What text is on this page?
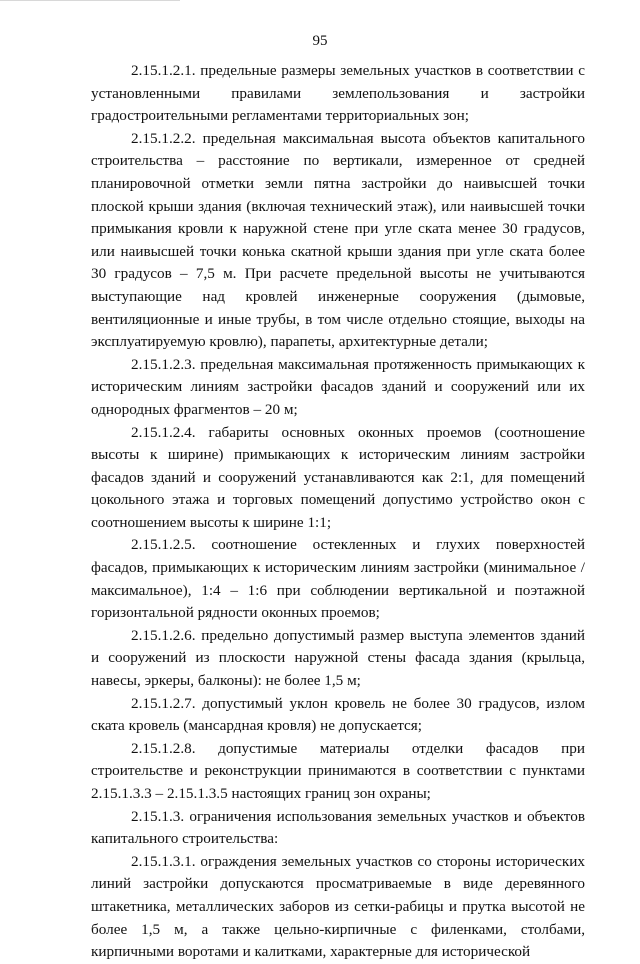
95

2.15.1.2.1. предельные размеры земельных участков в соответствии с установленными правилами землепользования и застройки градостроительными регламентами территориальных зон;

2.15.1.2.2. предельная максимальная высота объектов капитального строительства – расстояние по вертикали, измеренное от средней планировочной отметки земли пятна застройки до наивысшей точки плоской крыши здания (включая технический этаж), или наивысшей точки примыкания кровли к наружной стене при угле ската менее 30 градусов, или наивысшей точки конька скатной крыши здания при угле ската более 30 градусов – 7,5 м. При расчете предельной высоты не учитываются выступающие над кровлей инженерные сооружения (дымовые, вентиляционные и иные трубы, в том числе отдельно стоящие, выходы на эксплуатируемую кровлю), парапеты, архитектурные детали;

2.15.1.2.3. предельная максимальная протяженность примыкающих к историческим линиям застройки фасадов зданий и сооружений или их однородных фрагментов – 20 м;

2.15.1.2.4. габариты основных оконных проемов (соотношение высоты к ширине) примыкающих к историческим линиям застройки фасадов зданий и сооружений устанавливаются как 2:1, для помещений цокольного этажа и торговых помещений допустимо устройство окон с соотношением высоты к ширине 1:1;

2.15.1.2.5. соотношение остекленных и глухих поверхностей фасадов, примыкающих к историческим линиям застройки (минимальное / максимальное), 1:4 – 1:6 при соблюдении вертикальной и поэтажной горизонтальной рядности оконных проемов;

2.15.1.2.6. предельно допустимый размер выступа элементов зданий и сооружений из плоскости наружной стены фасада здания (крыльца, навесы, эркеры, балконы): не более 1,5 м;

2.15.1.2.7. допустимый уклон кровель не более 30 градусов, излом ската кровель (мансардная кровля) не допускается;

2.15.1.2.8. допустимые материалы отделки фасадов при строительстве и реконструкции принимаются в соответствии с пунктами 2.15.1.3.3 – 2.15.1.3.5 настоящих границ зон охраны;

2.15.1.3. ограничения использования земельных участков и объектов капитального строительства:

2.15.1.3.1. ограждения земельных участков со стороны исторических линий застройки допускаются просматриваемые в виде деревянного штакетника, металлических заборов из сетки-рабицы и прутка высотой не более 1,5 м, а также цельно-кирпичные с филенками, столбами, кирпичными воротами и калитками, характерные для исторической
